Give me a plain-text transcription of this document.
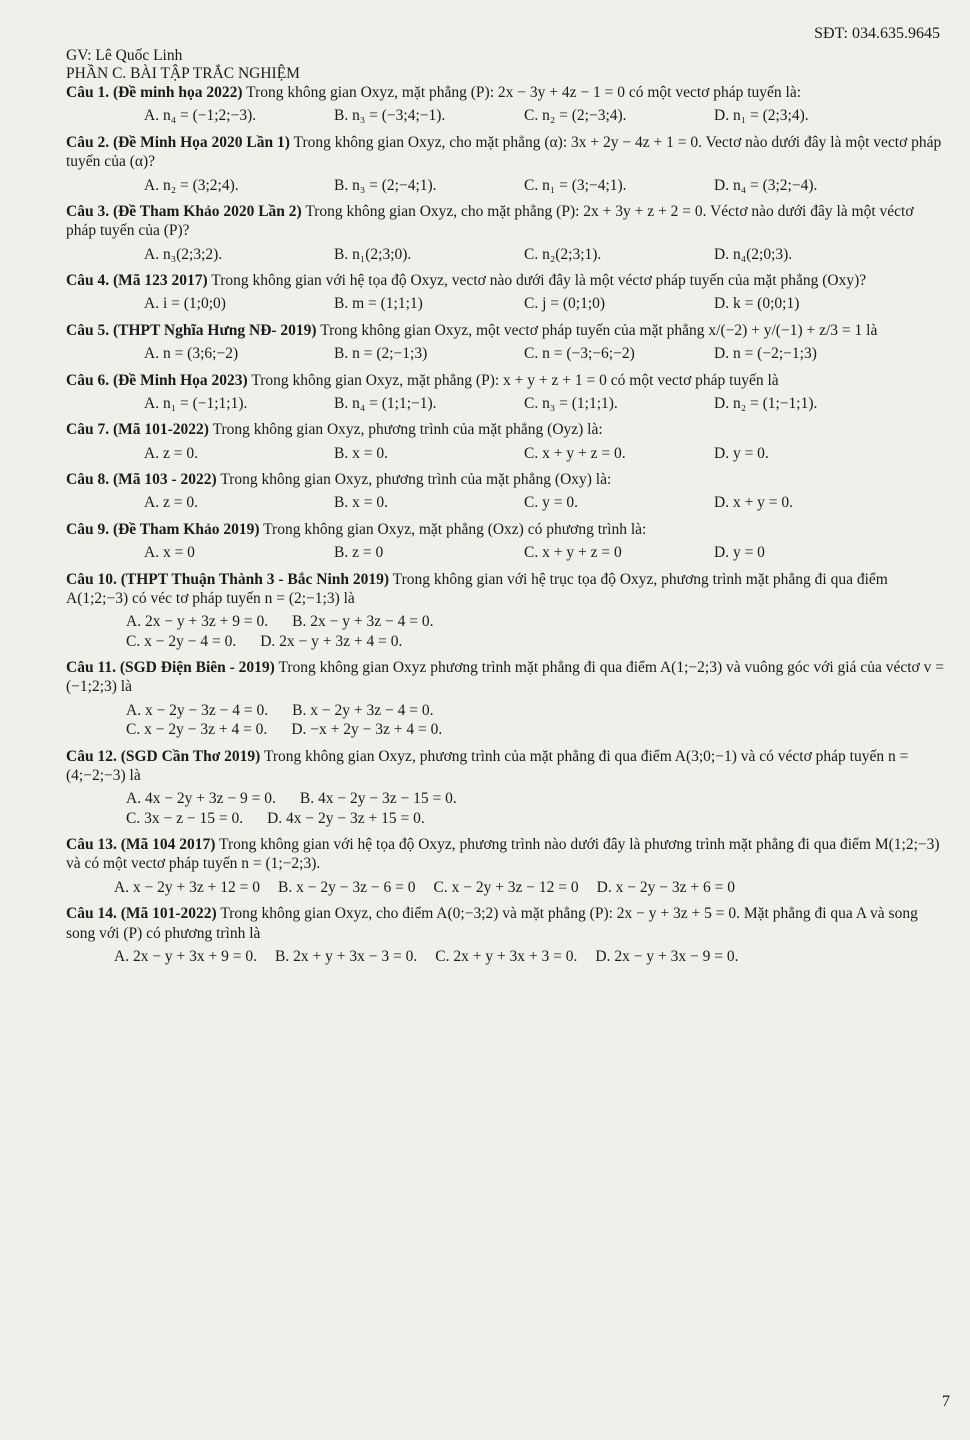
SĐT: 034.635.9645
GV: Lê Quốc Linh
PHẦN C. BÀI TẬP TRẮC NGHIỆM
Câu 1. (Đề minh họa 2022) Trong không gian Oxyz, mặt phẳng (P): 2x − 3y + 4z − 1 = 0 có một vectơ pháp tuyến là:
A. n₄ = (−1;2;−3).	B. n₃ = (−3;4;−1).	C. n₂ = (2;−3;4).	D. n₁ = (2;3;4).
Câu 2. (Đề Minh Họa 2020 Lần 1) Trong không gian Oxyz, cho mặt phẳng (α): 3x + 2y − 4z + 1 = 0. Vectơ nào dưới đây là một vectơ pháp tuyến của (α)?
A. n₂ = (3;2;4).	B. n₃ = (2;−4;1).	C. n₁ = (3;−4;1).	D. n₄ = (3;2;−4).
Câu 3. (Đề Tham Khảo 2020 Lần 2) Trong không gian Oxyz, cho mặt phẳng (P): 2x + 3y + z + 2 = 0. Véctơ nào dưới đây là một véctơ pháp tuyến của (P)?
A. n₃(2;3;2).	B. n₁(2;3;0).	C. n₂(2;3;1).	D. n₄(2;0;3).
Câu 4. (Mã 123 2017) Trong không gian với hệ tọa độ Oxyz, vectơ nào dưới đây là một véctơ pháp tuyến của mặt phẳng (Oxy)?
A. i = (1;0;0)	B. m = (1;1;1)	C. j = (0;1;0)	D. k = (0;0;1)
Câu 5. (THPT Nghĩa Hưng NĐ- 2019) Trong không gian Oxyz, một vectơ pháp tuyến của mặt phẳng x/(−2) + y/(−1) + z/3 = 1 là
A. n = (3;6;−2)	B. n = (2;−1;3)	C. n = (−3;−6;−2)	D. n = (−2;−1;3)
Câu 6. (Đề Minh Họa 2023) Trong không gian Oxyz, mặt phẳng (P): x + y + z + 1 = 0 có một vectơ pháp tuyến là
A. n₁ = (−1;1;1).	B. n₄ = (1;1;−1).	C. n₃ = (1;1;1).	D. n₂ = (1;−1;1).
Câu 7. (Mã 101-2022) Trong không gian Oxyz, phương trình của mặt phẳng (Oyz) là:
A. z = 0.	B. x = 0.	C. x + y + z = 0.	D. y = 0.
Câu 8. (Mã 103 - 2022) Trong không gian Oxyz, phương trình của mặt phẳng (Oxy) là:
A. z = 0.	B. x = 0.	C. y = 0.	D. x + y = 0.
Câu 9. (Đề Tham Khảo 2019) Trong không gian Oxyz, mặt phẳng (Oxz) có phương trình là:
A. x = 0	B. z = 0	C. x + y + z = 0	D. y = 0
Câu 10. (THPT Thuận Thành 3 - Bắc Ninh 2019) Trong không gian với hệ trục tọa độ Oxyz, phương trình mặt phẳng đi qua điểm A(1;2;−3) có véc tơ pháp tuyến n = (2;−1;3) là
A. 2x − y + 3z + 9 = 0. B. 2x − y + 3z − 4 = 0.
C. x − 2y − 4 = 0. D. 2x − y + 3z + 4 = 0.
Câu 11. (SGD Điện Biên - 2019) Trong không gian Oxyz phương trình mặt phẳng đi qua điểm A(1;−2;3) và vuông góc với giá của véctơ v = (−1;2;3) là
A. x − 2y − 3z − 4 = 0. B. x − 2y + 3z − 4 = 0.
C. x − 2y − 3z + 4 = 0. D. −x + 2y − 3z + 4 = 0.
Câu 12. (SGD Cần Thơ 2019) Trong không gian Oxyz, phương trình của mặt phẳng đi qua điểm A(3;0;−1) và có véctơ pháp tuyến n = (4;−2;−3) là
A. 4x − 2y + 3z − 9 = 0. B. 4x − 2y − 3z − 15 = 0.
C. 3x − z − 15 = 0. D. 4x − 2y − 3z + 15 = 0.
Câu 13. (Mã 104 2017) Trong không gian với hệ tọa độ Oxyz, phương trình nào dưới đây là phương trình mặt phẳng đi qua điểm M(1;2;−3) và có một vectơ pháp tuyến n = (1;−2;3).
A. x − 2y + 3z + 12 = 0 B. x − 2y − 3z − 6 = 0 C. x − 2y + 3z − 12 = 0 D. x − 2y − 3z + 6 = 0
Câu 14. (Mã 101-2022) Trong không gian Oxyz, cho điểm A(0;−3;2) và mặt phẳng (P): 2x − y + 3z + 5 = 0. Mặt phẳng đi qua A và song song với (P) có phương trình là
A. 2x − y + 3x + 9 = 0. B. 2x + y + 3x − 3 = 0. C. 2x + y + 3x + 3 = 0. D. 2x − y + 3x − 9 = 0.
7
